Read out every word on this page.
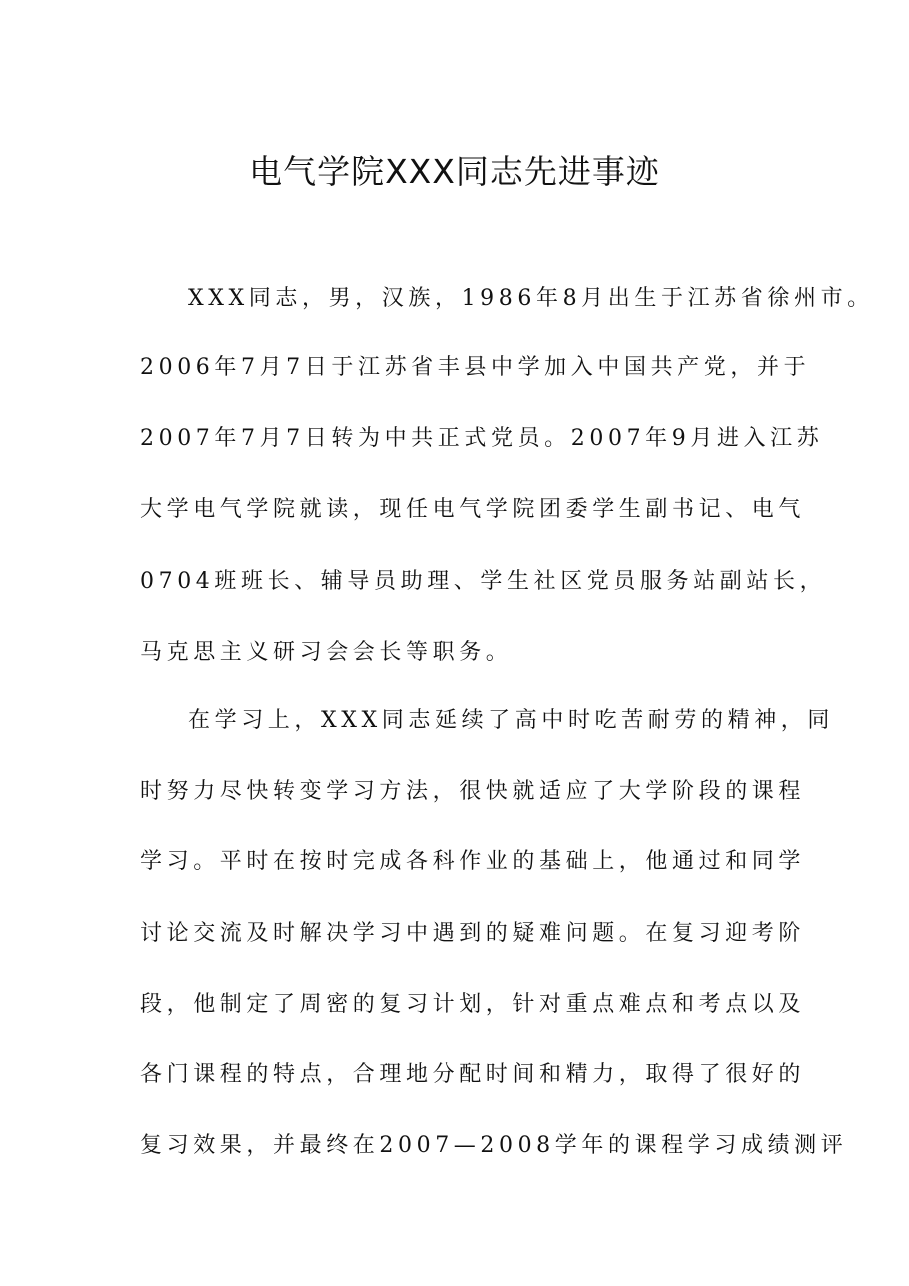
电气学院XXX同志先进事迹
XXX同志，男，汉族，1986年8月出生于江苏省徐州市。
2006年7月7日于江苏省丰县中学加入中国共产党，并于
2007年7月7日转为中共正式党员。2007年9月进入江苏
大学电气学院就读，现任电气学院团委学生副书记、电气
0704班班长、辅导员助理、学生社区党员服务站副站长，
马克思主义研习会会长等职务。
在学习上，XXX同志延续了高中时吃苦耐劳的精神，同
时努力尽快转变学习方法，很快就适应了大学阶段的课程
学习。平时在按时完成各科作业的基础上，他通过和同学
讨论交流及时解决学习中遇到的疑难问题。在复习迎考阶
段，他制定了周密的复习计划，针对重点难点和考点以及
各门课程的特点，合理地分配时间和精力，取得了很好的
复习效果，并最终在2007—2008学年的课程学习成绩测评
